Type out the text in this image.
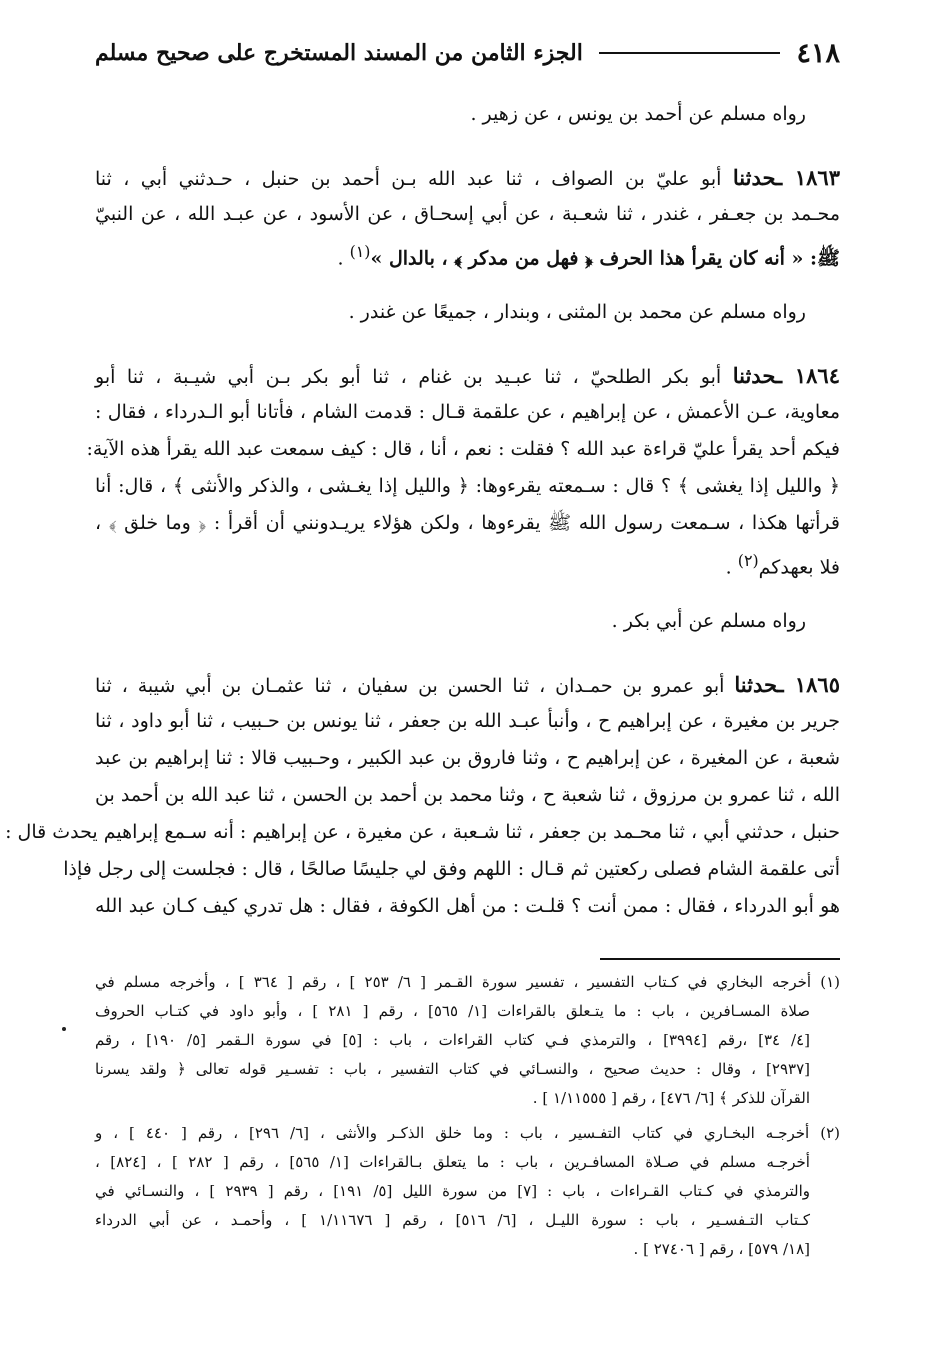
٤١٨
الجزء الثامن من المسند المستخرج على صحيح مسلم
رواه مسلم عن أحمد بن يونس ، عن زهير .
١٨٦٣ ـحدثنا أبو عليّ بن الصواف ، ثنا عبد الله بـن أحمد بن حنبل ، حـدثني أبي ، ثنا
محـمد بن جعـفر ، غندر ، ثنا شعـبة ، عن أبي إسحـاق ، عن الأسود ، عن عبـد الله ، عن النبيّ
ﷺ: « أنه كان يقرأ هذا الحرف ﴿ فهل من مدكر ﴾ ، بالدال »$^{(١)}$ .
رواه مسلم عن محمد بن المثنى ، وبندار ، جميعًا عن غندر .
١٨٦٤ ـحدثنا أبو بكر الطلحيّ ، ثنا عبـيد بن غنام ، ثنا أبو بكر بـن أبي شيـبة ، ثنا أبو
معاوية، عـن الأعمش ، عن إبراهيم ، عن علقمة قـال : قدمت الشام ، فأتانا أبو الـدرداء ، فقال :
فيكم أحد يقرأ عليّ قراءة عبد الله ؟ فقلت : نعم ، أنا ، قال : كيف سمعت عبد الله يقرأ هذه الآية:
﴿ والليل إذا يغشى ﴾ ؟ قال : سـمعته يقرءوها: ﴿ والليل إذا يغـشى ، والذكر والأنثى ﴾ ، قال: أنا
قرأتها هكذا ، سـمعت رسول الله ﷺ يقرءوها ، ولكن هؤلاء يريـدونني أن أقرأ : ﴿ وما خلق ﴾ ،
فلا بعهدكم$^{(٢)}$ .
رواه مسلم عن أبي بكر .
١٨٦٥ ـحدثنا أبو عمرو بن حمـدان ، ثنا الحسن بن سفيان ، ثنا عثمـان بن أبي شيبة ، ثنا
جرير بن مغيرة ، عن إبراهيم ح ، وأنبأ عبـد الله بن جعفر ، ثنا يونس بن حـبيب ، ثنا أبو داود ، ثنا
شعبة ، عن المغيرة ، عن إبراهيم ح ، وثنا فاروق بن عبد الكبير ، وحـبيب قالا : ثنا إبراهيم بن عبد
الله ، ثنا عمرو بن مرزوق ، ثنا شعبة ح ، وثنا محمد بن أحمد بن الحسن ، ثنا عبد الله بن أحمد بن
حنبل ، حدثني أبي ، ثنا محـمد بن جعفر ، ثنا شـعبة ، عن مغيرة ، عن إبراهيم : أنه سـمع إبراهيم يحدث قال :
أتى علقمة الشام فصلى ركعتين ثم قـال : اللهم وفق لي جليسًا صالحًا ، قال : فجلست إلى رجل فإذا
هو أبو الدرداء ، فقال : ممن أنت ؟ قلـت : من أهل الكوفة ، فقال : هل تدري كيف كـان عبد الله
(١) أخرجه البخاري في كـتاب التفسير ، تفسير سورة القـمر [ ٦/ ٢٥٣ ] ، رقم [ ٣٦٤ ] ، وأخرجه مسلم في
صلاة المسـافرين ، باب : ما يتـعلق بالقراءات [١/ ٥٦٥] ، رقم [ ٢٨١ ] ، وأبو داود في كتـاب الحروف
[٤/ ٣٤] ،رقم [٣٩٩٤] ، والترمذي فـي كتاب القراءات ، باب : [٥] في سورة الـقمر [٥/ ١٩٠] ، رقم
[٢٩٣٧] ، وقال : حديث صحيح ، والنسـائي في كتاب التفسير ، باب : تفسـير قوله تعالى ﴿ ولقد يسرنا
القرآن للذكر ﴾ [٦/ ٤٧٦] ، رقم [ ١/١١٥٥٥ ] .
(٢) أخرجـه البخـاري في كتاب التفـسير ، باب : وما خلق الذكـر والأنثى ، [٦/ ٢٩٦] ، رقم [ ٤٤٠ ] ، و
أخرجـه مسلم في صـلاة المسافـرين ، باب : ما يتعلق بـالقراءات [١/ ٥٦٥] ، رقم [ ٢٨٢ ] ، [٨٢٤] ،
والترمذي في كـتاب القـراءات ، باب : [٧] من سورة الليل [٥/ ١٩١] ، رقم [ ٢٩٣٩ ] ، والنسـائي في
كـتاب التـفسـير ، باب : سورة الليـل ، [٦/ ٥١٦] ، رقم [ ١/١١٦٧٦ ] ، وأحمـد ، عن أبي الدرداء
[١٨/ ٥٧٩] ، رقم [ ٢٧٤٠٦ ] .
